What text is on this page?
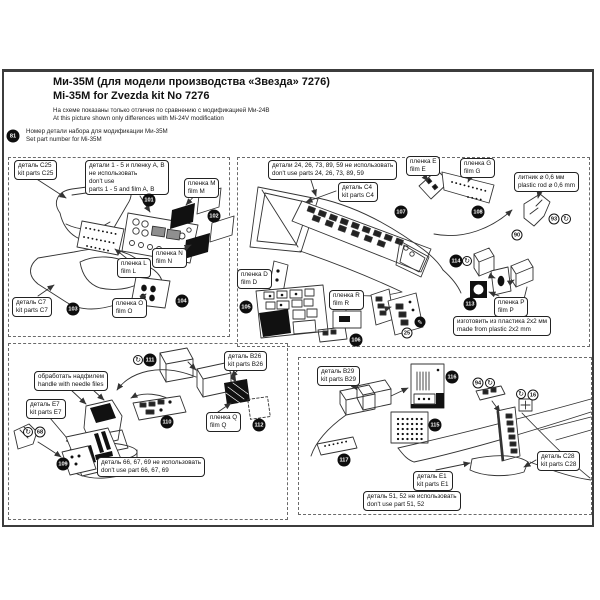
Ми-35М (для модели производства «Звезда» 7276)
Mi-35M for Zvezda kit No 7276
На схеме показаны только отличия по сравнению с модификацией Ми-24В
At this picture shown only differences with Mi-24V modification
81
Номер детали набора для модификации Ми-35М
Set part number for Mi-35M
деталь C25
kit parts C25
детали 1 - 5 и пленку А, В
не использовать
don't use
parts 1 - 5 and film A, B
пленка M
film M
пленка N
film N
пленка L
film L
пленка O
film O
деталь C7
kit parts C7
детали 24, 26, 73, 89, 59 не использовать
don't use parts 24, 26, 73, 89, 59
деталь C4
kit parts C4
пленка E
film E
пленка G
film G
литник ⌀ 0,6 мм
plastic rod ⌀ 0,6 mm
пленка D
film D
пленка R
film R	пленка P
film P
изготовить из пластика 2x2 мм
made from plastic 2x2 mm
обработать надфилем
handle with needle files
деталь E7
kit parts E7
деталь B26
kit parts B26
пленка Q
film Q
деталь 66, 67, 69 не использовать
don't use part 66, 67, 69
деталь B29
kit parts B29
деталь C28
kit parts C28
деталь E1
kit parts E1
деталь 51, 52 не использовать
don't use part 51, 52
101
102
103
104
105
106
107	108
109
110
111
112
113
114
115
116
117
25
68
90
93
94
16
↻
↻
↻
↻
↻
↻
✎
